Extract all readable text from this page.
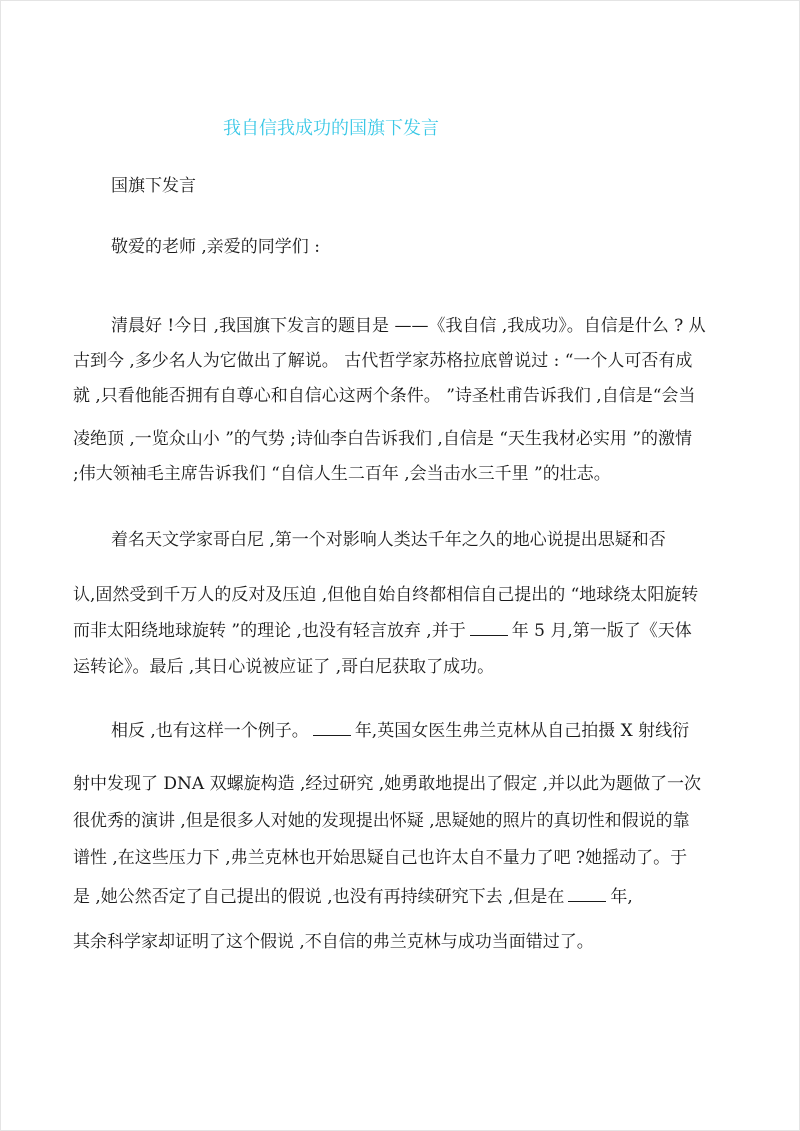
我自信我成功的国旗下发言
国旗下发言
敬爱的老师 ,亲爱的同学们 :
清晨好 !今日 ,我国旗下发言的题目是 ——《我自信 ,我成功》。自信是什么 ? 从
古到今 ,多少名人为它做出了解说。 古代哲学家苏格拉底曾说过 : “一个人可否有成
就 ,只看他能否拥有自尊心和自信心这两个条件。 ”诗圣杜甫告诉我们 ,自信是“会当
凌绝顶 ,一览众山小 ”的气势 ;诗仙李白告诉我们 ,自信是 “天生我材必实用 ”的激情
;伟大领袖毛主席告诉我们 “自信人生二百年 ,会当击水三千里 ”的壮志。
着名天文学家哥白尼 ,第一个对影响人类达千年之久的地心说提出思疑和否
认,固然受到千万人的反对及压迫 ,但他自始自终都相信自己提出的 “地球绕太阳旋转
而非太阳绕地球旋转 ”的理论 ,也没有轻言放弃 ,并于	年 5 月,第一版了《天体
运转论》。最后 ,其日心说被应证了 ,哥白尼获取了成功。
相反 ,也有这样一个例子。	年,英国女医生弗兰克林从自己拍摄 X 射线衍
射中发现了 DNA 双螺旋构造 ,经过研究 ,她勇敢地提出了假定 ,并以此为题做了一次
很优秀的演讲 ,但是很多人对她的发现提出怀疑 ,思疑她的照片的真切性和假说的靠
谱性 ,在这些压力下 ,弗兰克林也开始思疑自己也许太自不量力了吧 ?她摇动了。于
是 ,她公然否定了自己提出的假说 ,也没有再持续研究下去 ,但是在	年,
其余科学家却证明了这个假说 ,不自信的弗兰克林与成功当面错过了。
